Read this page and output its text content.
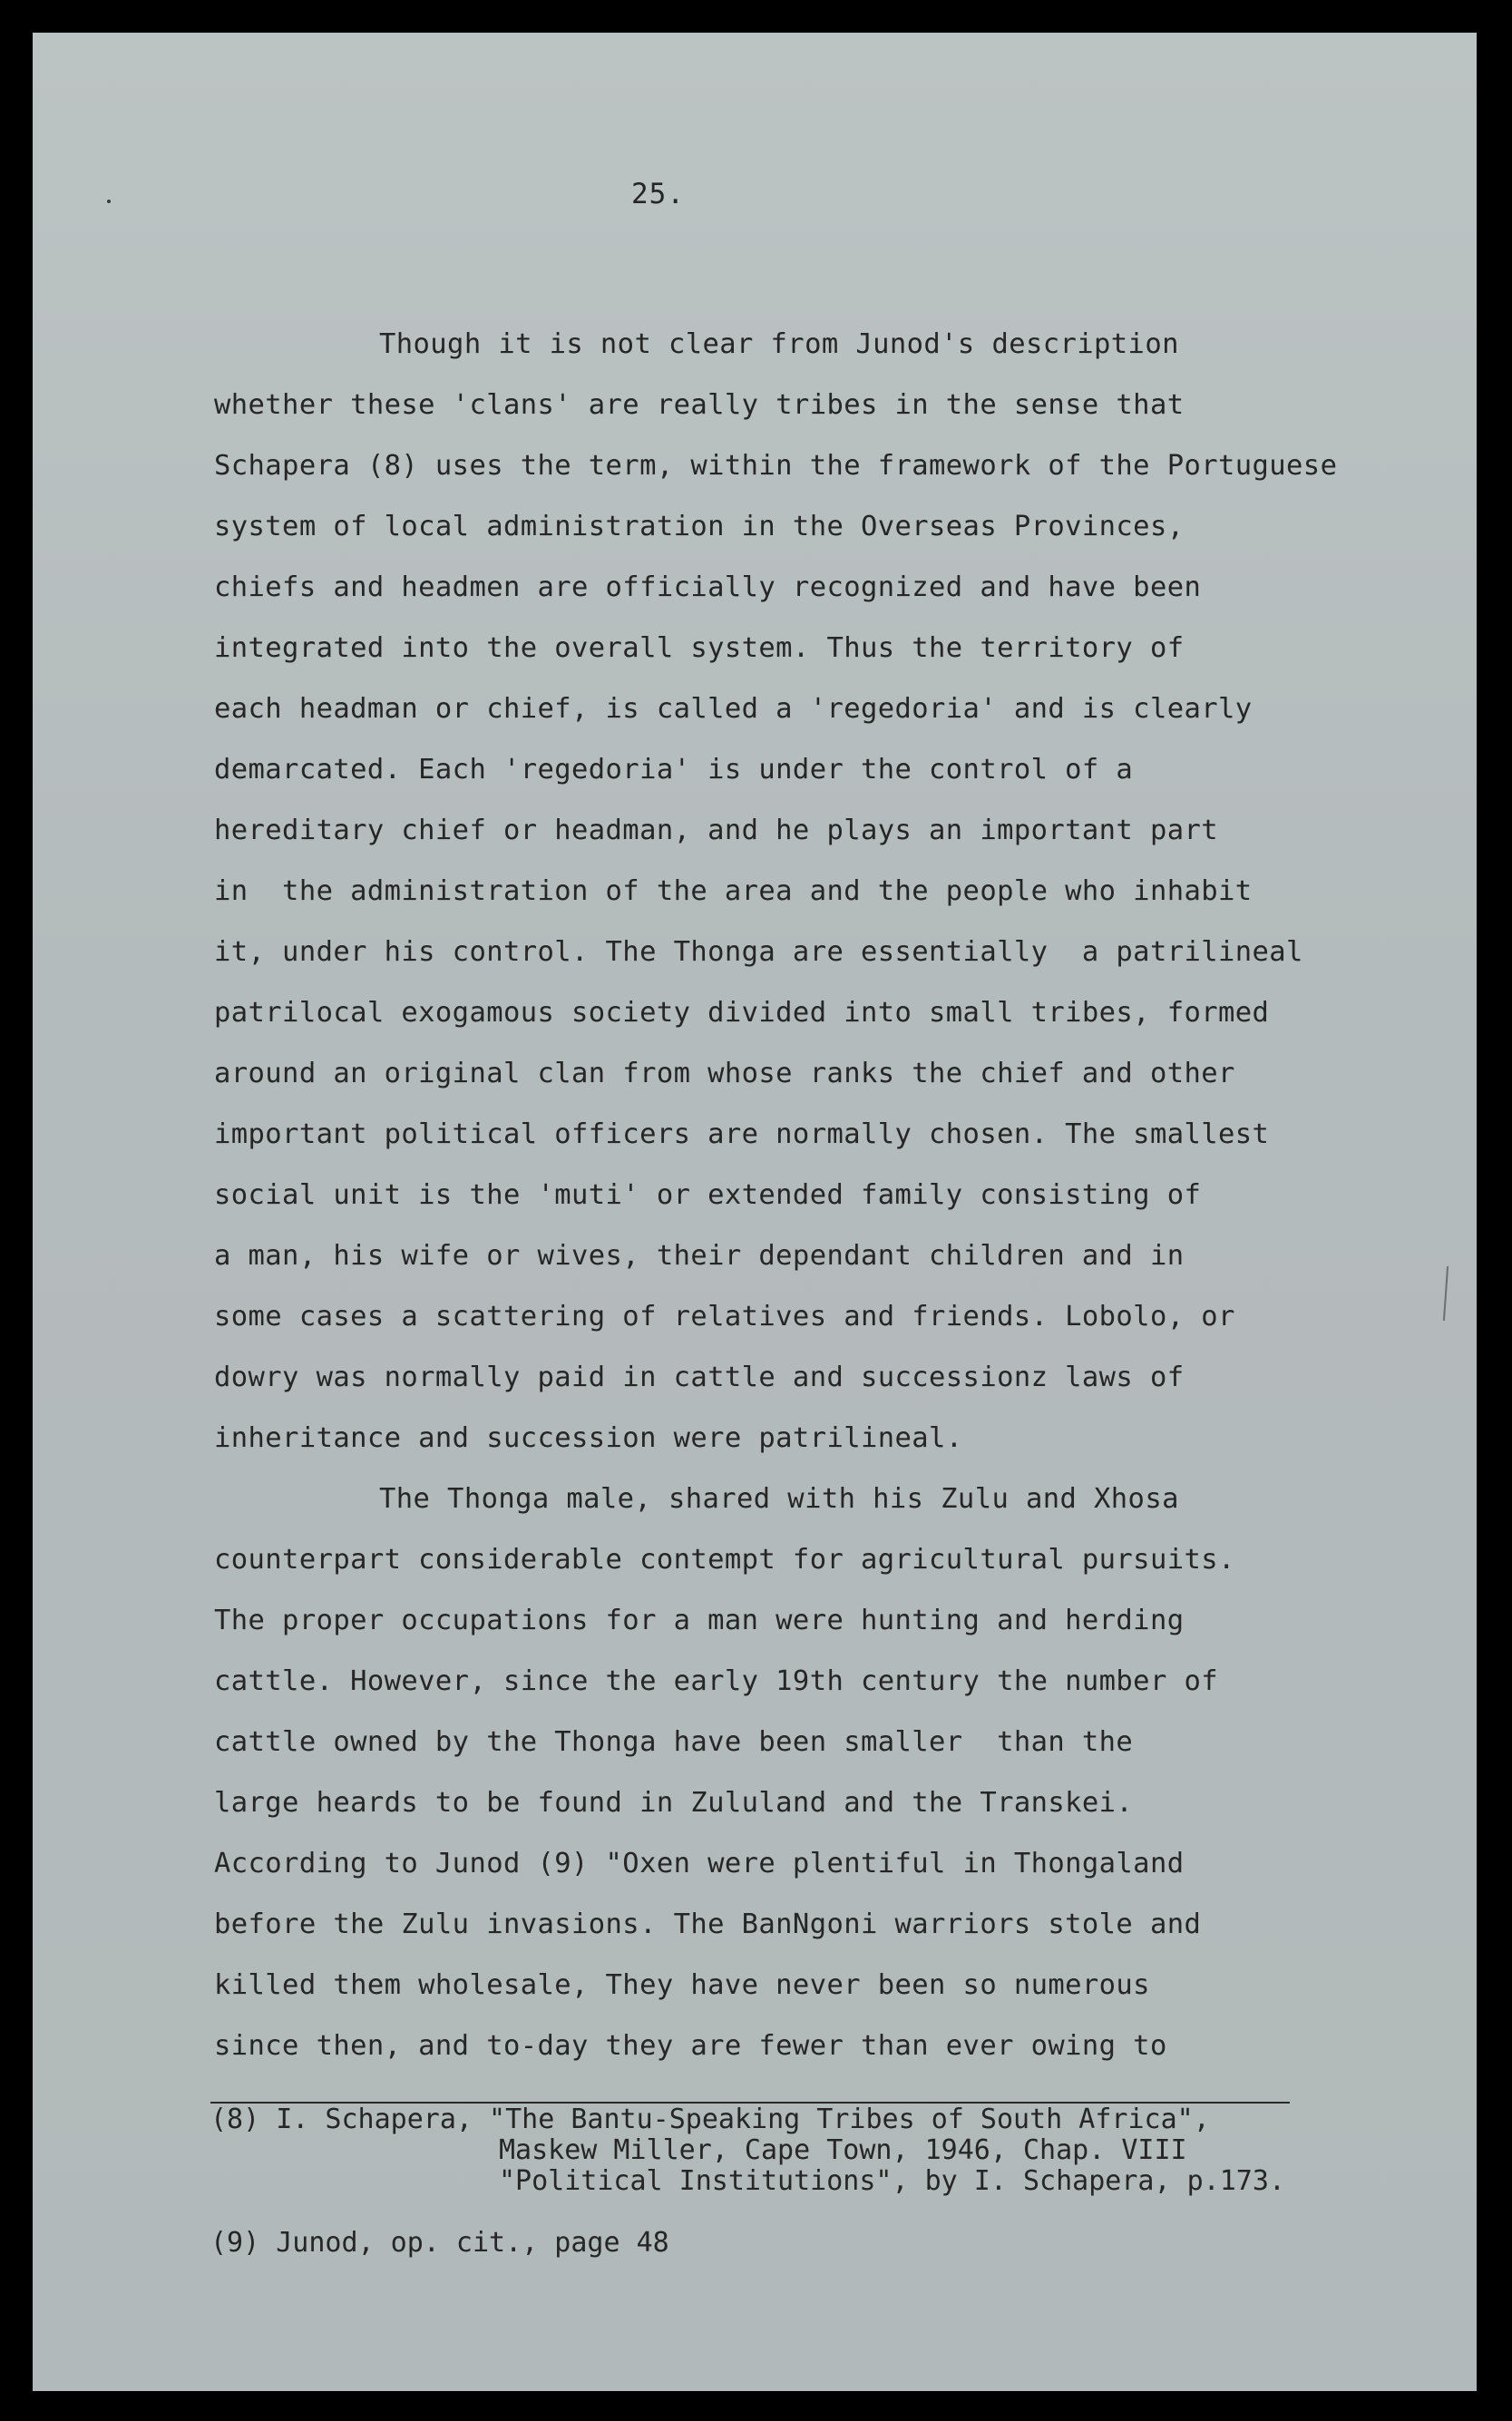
25.
Though it is not clear from Junod's description
whether these 'clans' are really tribes in the sense that
Schapera (8) uses the term, within the framework of the Portuguese
system of local administration in the Overseas Provinces,
chiefs and headmen are officially recognized and have been
integrated into the overall system. Thus the territory of
each headman or chief, is called a 'regedoria' and is clearly
demarcated. Each 'regedoria' is under the control of a
hereditary chief or headman, and he plays an important part
in  the administration of the area and the people who inhabit
it, under his control. The Thonga are essentially  a patrilineal
patrilocal exogamous society divided into small tribes, formed
around an original clan from whose ranks the chief and other
important political officers are normally chosen. The smallest
social unit is the 'muti' or extended family consisting of
a man, his wife or wives, their dependant children and in
some cases a scattering of relatives and friends. Lobolo, or
dowry was normally paid in cattle and successionz laws of
inheritance and succession were patrilineal.
The Thonga male, shared with his Zulu and Xhosa
counterpart considerable contempt for agricultural pursuits.
The proper occupations for a man were hunting and herding
cattle. However, since the early 19th century the number of
cattle owned by the Thonga have been smaller  than the
large heards to be found in Zululand and the Transkei.
According to Junod (9) "Oxen were plentiful in Thongaland
before the Zulu invasions. The BanNgoni warriors stole and
killed them wholesale, They have never been so numerous
since then, and to-day they are fewer than ever owing to
(8) I. Schapera, "The Bantu-Speaking Tribes of South Africa",
Maskew Miller, Cape Town, 1946, Chap. VIII
"Political Institutions", by I. Schapera, p.173.
(9) Junod, op. cit., page 48
